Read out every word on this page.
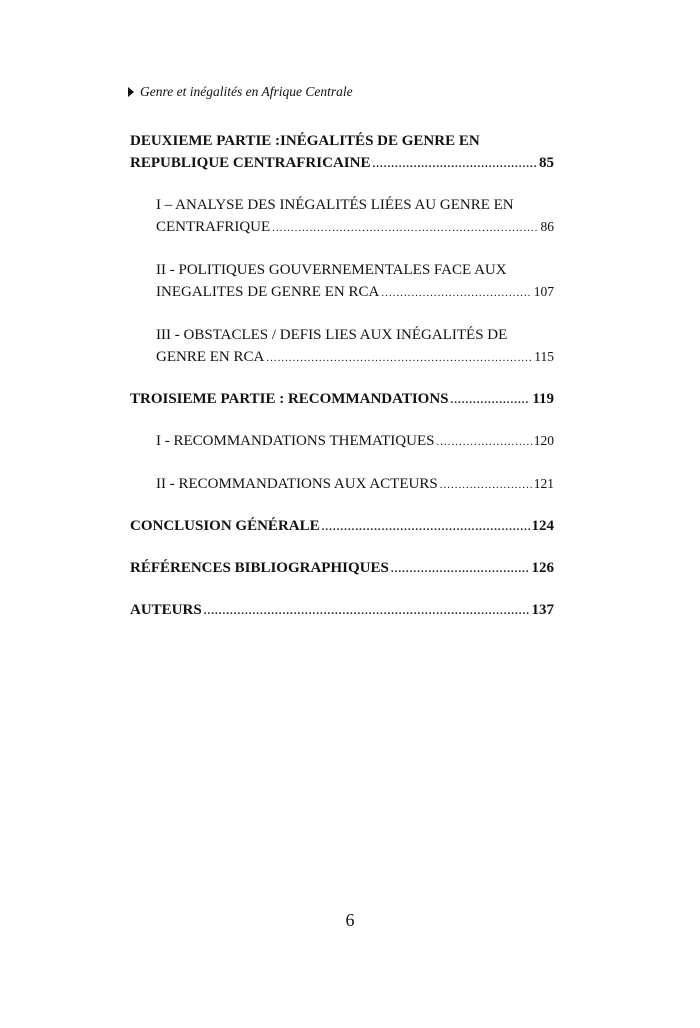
Genre et inégalités en Afrique Centrale
DEUXIEME PARTIE :INÉGALITÉS DE GENRE EN
REPUBLIQUE CENTRAFRICAINE .....	85
I – ANALYSE DES INÉGALITÉS LIÉES AU GENRE EN
CENTRAFRIQUE .....	86
II - POLITIQUES GOUVERNEMENTALES FACE AUX
INEGALITES DE GENRE EN RCA .....	107
III - OBSTACLES / DEFIS LIES AUX INÉGALITÉS DE
GENRE EN RCA .....	115
TROISIEME PARTIE : RECOMMANDATIONS .....	119
I - RECOMMANDATIONS THEMATIQUES .....	120
II - RECOMMANDATIONS AUX ACTEURS .....	121
CONCLUSION GÉNÉRALE .....	124
RÉFÉRENCES BIBLIOGRAPHIQUES .....	126
AUTEURS .....	137
6
